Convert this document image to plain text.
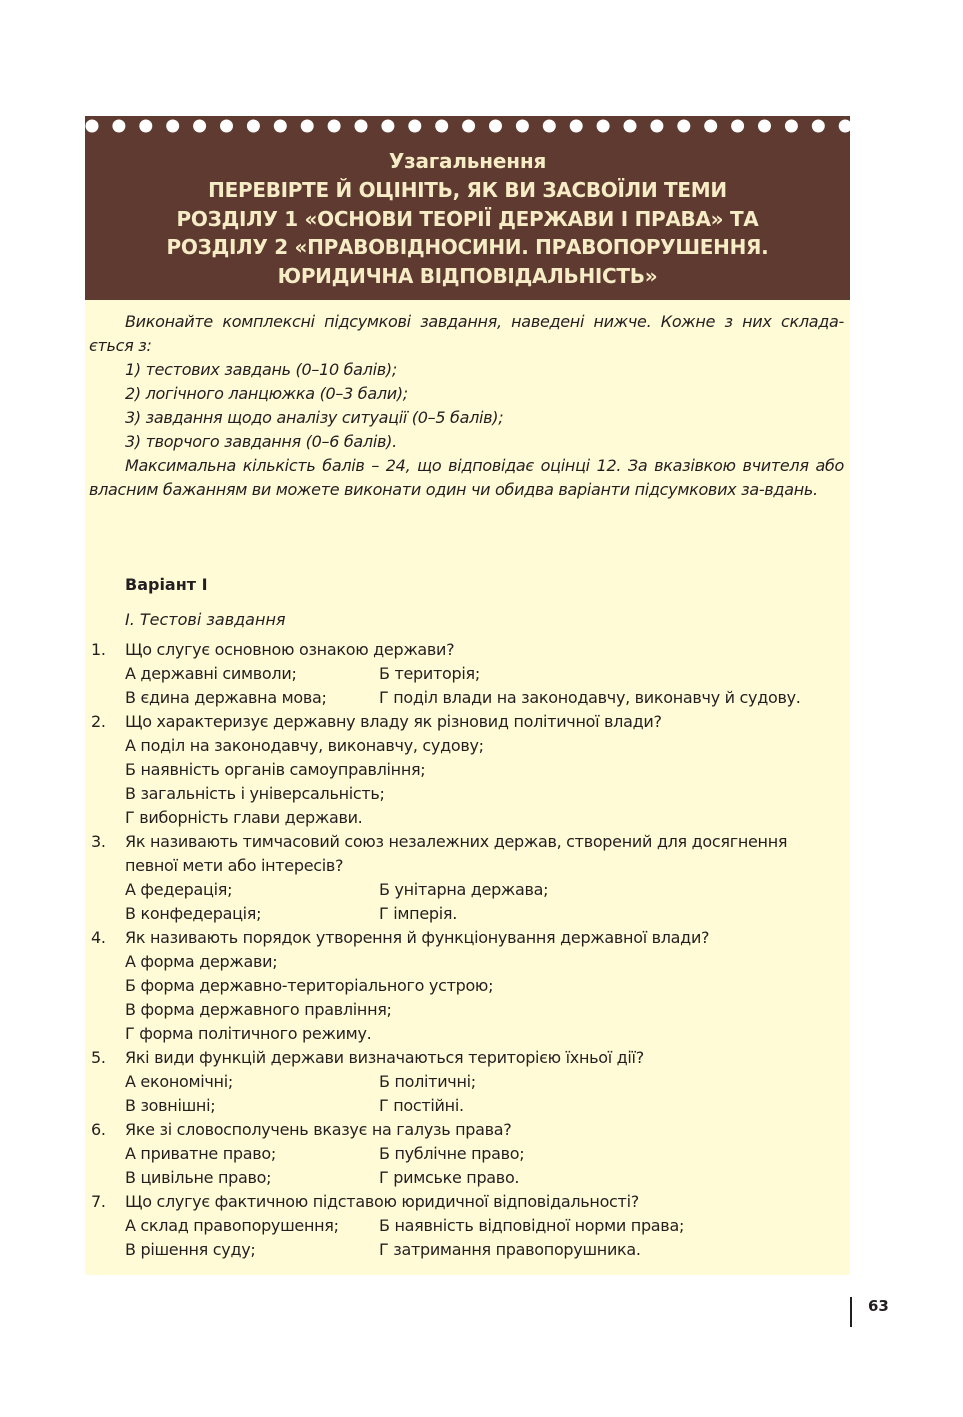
Узагальнення
ПЕРЕВІРТЕ Й ОЦІНІТЬ, ЯК ВИ ЗАСВОЇЛИ ТЕМИ
РОЗДІЛУ 1 «ОСНОВИ ТЕОРІЇ ДЕРЖАВИ І ПРАВА» ТА
РОЗДІЛУ 2 «ПРАВОВІДНОСИНИ. ПРАВОПОРУШЕННЯ.
ЮРИДИЧНА ВІДПОВІДАЛЬНІСТЬ»

Виконайте комплексні підсумкові завдання, наведені нижче. Кожне з них склада-ється з:

1) тестових завдань (0–10 балів);

2) логічного ланцюжка (0–3 бали);

3) завдання щодо аналізу ситуації (0–5 балів);

3) творчого завдання (0–6 балів).

Максимальна кількість балів – 24, що відповідає оцінці 12. За вказівкою вчителя або власним бажанням ви можете виконати один чи обидва варіанти підсумкових за-вдань.

Варіант І
І. Тестові завдання
1. Що слугує основною ознакою держави?
А державні символи;	Б територія;
В єдина державна мова;	Г поділ влади на законодавчу, виконавчу й судову.
2. Що характеризує державну владу як різновид політичної влади?
А поділ на законодавчу, виконавчу, судову;
Б наявність органів самоуправління;
В загальність і універсальність;
Г виборність глави держави.
3. Як називають тимчасовий союз незалежних держав, створений для досягнення певної мети або інтересів?
А федерація;	Б унітарна держава;
В конфедерація;	Г імперія.
4. Як називають порядок утворення й функціонування державної влади?
А форма держави;
Б форма державно-територіального устрою;
В форма державного правління;
Г форма політичного режиму.
5. Які види функцій держави визначаються територією їхньої дії?
А економічні;	Б політичні;
В зовнішні;	Г постійні.
6. Яке зі словосполучень вказує на галузь права?
А приватне право;	Б публічне право;
В цивільне право;	Г римське право.
7. Що слугує фактичною підставою юридичної відповідальності?
А склад правопорушення;	Б наявність відповідної норми права;
В рішення суду;	Г затримання правопорушника.
63
